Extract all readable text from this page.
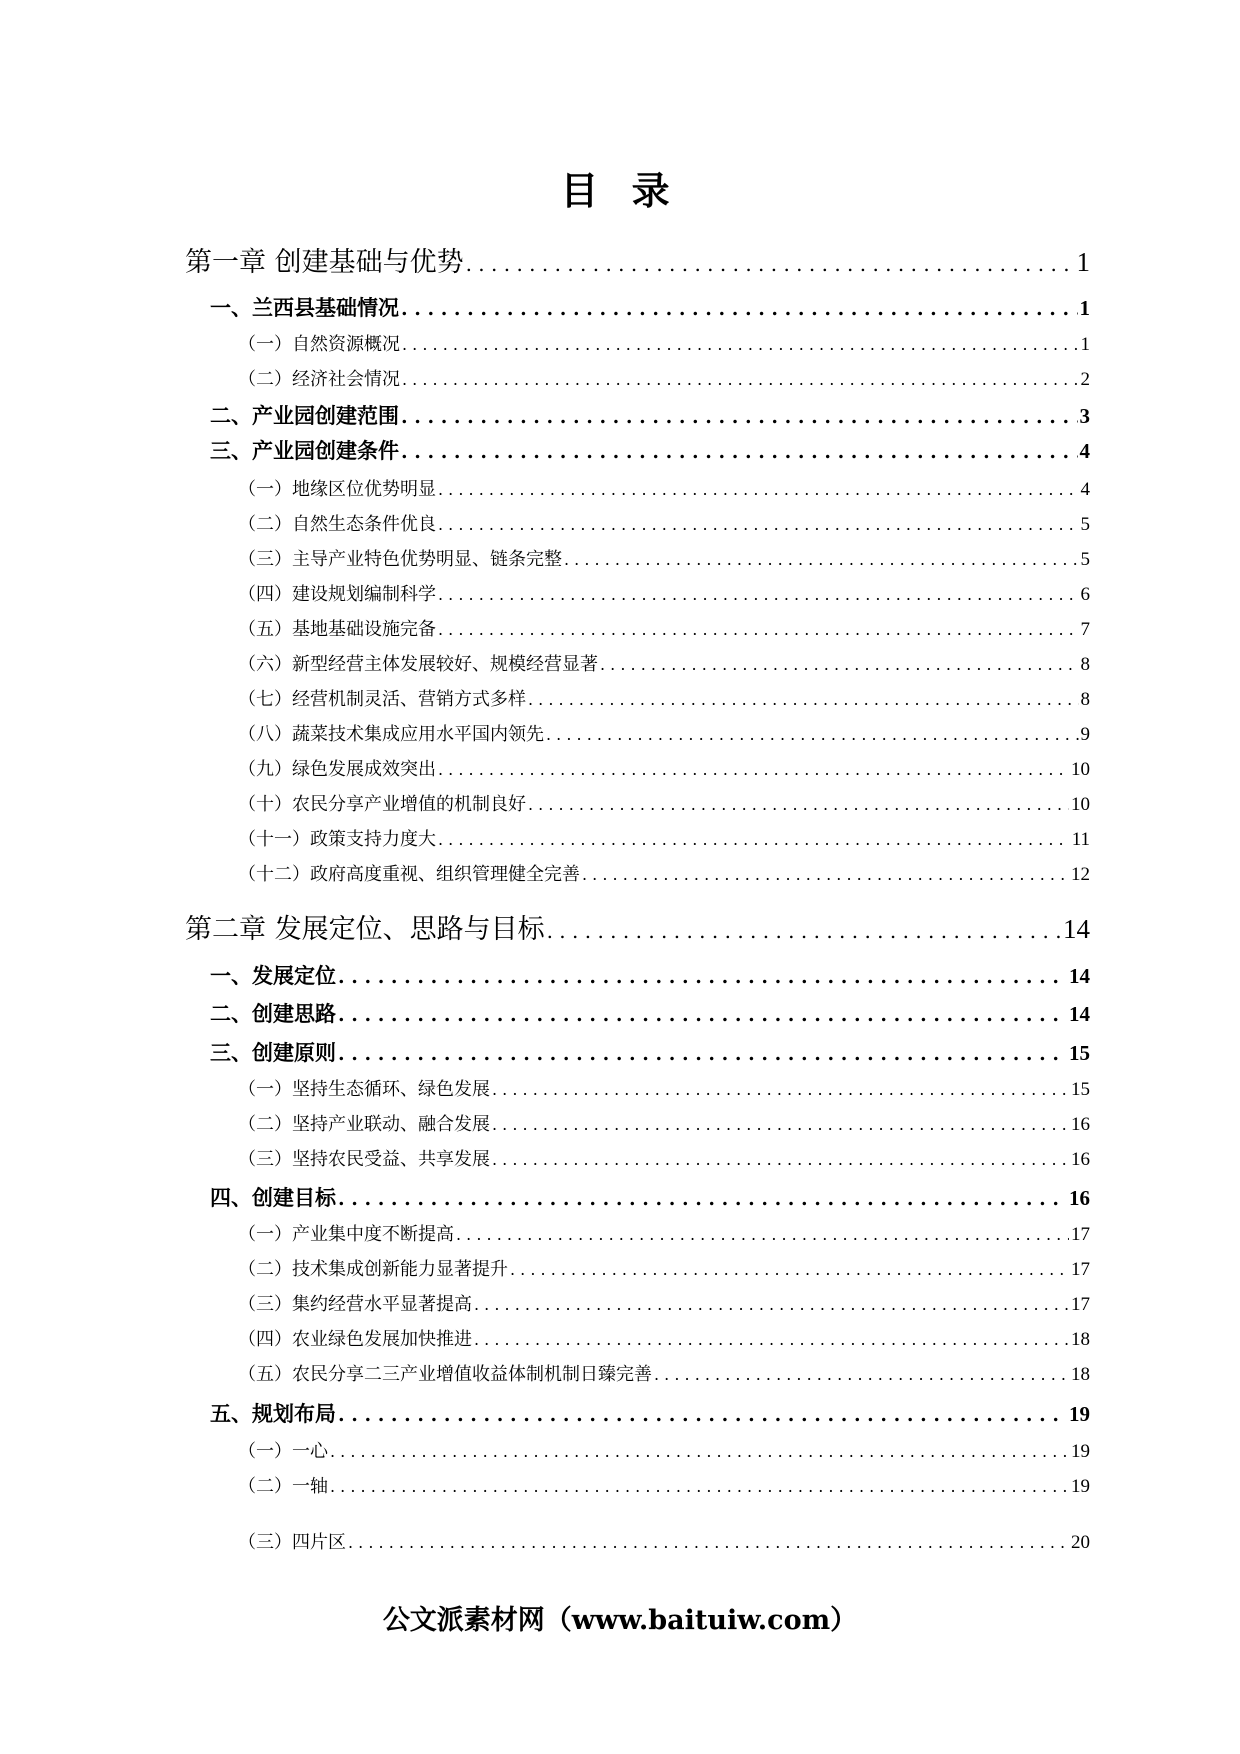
目 录
第一章 创建基础与优势 . . .	1
一、兰西县基础情况 . . .	1
（一）自然资源概况 . . .	1
（二）经济社会情况 . . .	2
二、产业园创建范围 . . .	3
三、产业园创建条件 . . .	4
（一）地缘区位优势明显 . . .	4
（二）自然生态条件优良 . . .	5
（三）主导产业特色优势明显、链条完整 . . .	5
（四）建设规划编制科学 . . .	6
（五）基地基础设施完备 . . .	7
（六）新型经营主体发展较好、规模经营显著 . . .	8
（七）经营机制灵活、营销方式多样 . . .	8
（八）蔬菜技术集成应用水平国内领先 . . .	9
（九）绿色发展成效突出 . . .	10
（十）农民分享产业增值的机制良好 . . .	10
（十一）政策支持力度大 . . .	11
（十二）政府高度重视、组织管理健全完善 . . .	12
第二章 发展定位、思路与目标 . . .	14
一、发展定位 . . .	14
二、创建思路 . . .	14
三、创建原则 . . .	15
（一）坚持生态循环、绿色发展 . . .	15
（二）坚持产业联动、融合发展 . . .	16
（三）坚持农民受益、共享发展 . . .	16
四、创建目标 . . .	16
（一）产业集中度不断提高 . . .	17
（二）技术集成创新能力显著提升 . . .	17
（三）集约经营水平显著提高 . . .	17
（四）农业绿色发展加快推进 . . .	18
（五）农民分享二三产业增值收益体制机制日臻完善 . . .	18
五、规划布局 . . .	19
（一）一心 . . .	19
（二）一轴 . . .	19
（三）四片区 . . .	20
公文派素材网（www.baituiw.com）
